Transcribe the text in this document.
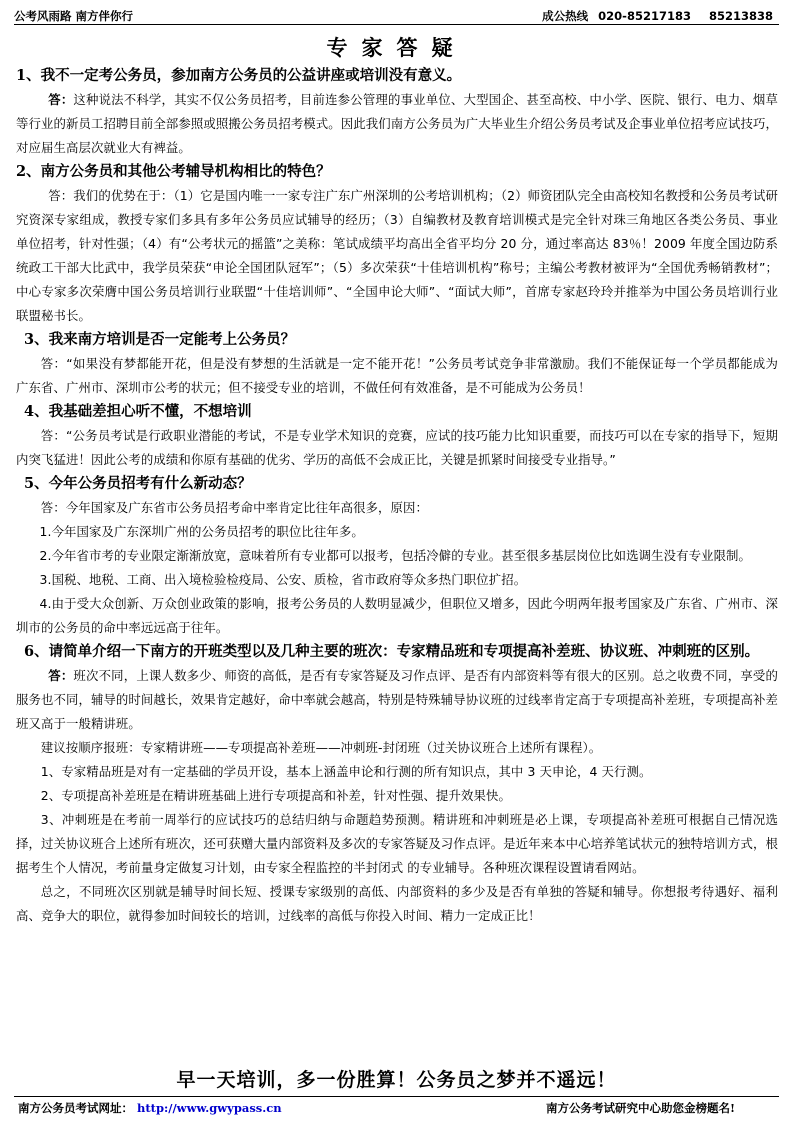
公考风雨路 南方伴你行	成公热线 020-85217183 85213838
专家答疑

1、我不一定考公务员，参加南方公务员的公益讲座或培训没有意义。

答：这种说法不科学，其实不仅公务员招考，目前连参公管理的事业单位、大型国企、甚至高校、中小学、医院、银行、电力、烟草等行业的新员工招聘目前全部参照或照搬公务员招考模式。因此我们南方公务员为广大毕业生介绍公务员考试及企事业单位招考应试技巧，对应届生高层次就业大有裨益。

2、南方公务员和其他公考辅导机构相比的特色？

答：我们的优势在于：（1）它是国内唯一一家专注广东广州深圳的公考培训机构；（2）师资团队完全由高校知名教授和公务员考试研究资深专家组成，教授专家们多具有多年公务员应试辅导的经历；（3）自编教材及教育培训模式是完全针对珠三角地区各类公务员、事业单位招考，针对性强；（4）有“公考状元的摇篮”之美称：笔试成绩平均高出全省平均分 20 分，通过率高达 83％！2009 年度全国边防系统政工干部大比武中，我学员荣获“申论全国团队冠军”；（5）多次荣获“十佳培训机构”称号；主编公考教材被评为“全国优秀畅销教材”；中心专家多次荣膺中国公务员培训行业联盟“十佳培训师”、“全国申论大师”、“面试大师”，首席专家赵玲玲并推举为中国公务员培训行业联盟秘书长。

3、我来南方培训是否一定能考上公务员？

答：“如果没有梦都能开花，但是没有梦想的生活就是一定不能开花！”公务员考试竞争非常激励。我们不能保证每一个学员都能成为广东省、广州市、深圳市公考的状元；但不接受专业的培训，不做任何有效准备，是不可能成为公务员！

4、我基础差担心听不懂，不想培训

答：“公务员考试是行政职业潜能的考试，不是专业学术知识的竞赛，应试的技巧能力比知识重要，而技巧可以在专家的指导下，短期内突飞猛进！因此公考的成绩和你原有基础的优劣、学历的高低不会成正比，关键是抓紧时间接受专业指导。”

5、今年公务员招考有什么新动态？

答：今年国家及广东省市公务员招考命中率肯定比往年高很多，原因：

1.今年国家及广东深圳广州的公务员招考的职位比往年多。

2.今年省市考的专业限定渐渐放宽，意味着所有专业都可以报考，包括冷僻的专业。甚至很多基层岗位比如选调生没有专业限制。

3.国税、地税、工商、出入境检验检疫局、公安、质检，省市政府等众多热门职位扩招。

4.由于受大众创新、万众创业政策的影响，报考公务员的人数明显减少，但职位又增多，因此今明两年报考国家及广东省、广州市、深圳市的公务员的命中率远远高于往年。

6、请简单介绍一下南方的开班类型以及几种主要的班次：专家精品班和专项提高补差班、协议班、冲刺班的区别。

答：班次不同，上课人数多少、师资的高低，是否有专家答疑及习作点评、是否有内部资料等有很大的区别。总之收费不同，享受的服务也不同，辅导的时间越长，效果肯定越好，命中率就会越高，特别是特殊辅导协议班的过线率肯定高于专项提高补差班，专项提高补差班又高于一般精讲班。

建议按顺序报班：专家精讲班——专项提高补差班——冲刺班-封闭班（过关协议班合上述所有课程）。

1、专家精品班是对有一定基础的学员开设，基本上涵盖申论和行测的所有知识点，其中 3 天申论，4 天行测。

2、专项提高补差班是在精讲班基础上进行专项提高和补差，针对性强、提升效果快。

3、冲刺班是在考前一周举行的应试技巧的总结归纳与命题趋势预测。精讲班和冲刺班是必上课，专项提高补差班可根据自己情况选择，过关协议班合上述所有班次，还可获赠大量内部资料及多次的专家答疑及习作点评。是近年来本中心培养笔试状元的独特培训方式，根据考生个人情况，考前量身定做复习计划，由专家全程监控的半封闭式 的专业辅导。各种班次课程设置请看网站。

总之，不同班次区别就是辅导时间长短、授课专家级别的高低、内部资料的多少及是否有单独的答疑和辅导。你想报考待遇好、福利高、竞争大的职位，就得参加时间较长的培训，过线率的高低与你投入时间、精力一定成正比！

早一天培训，多一份胜算！公务员之梦并不遥远！
南方公务员考试网址： http://www.gwypass.cn	南方公务考试研究中心助您金榜题名!
